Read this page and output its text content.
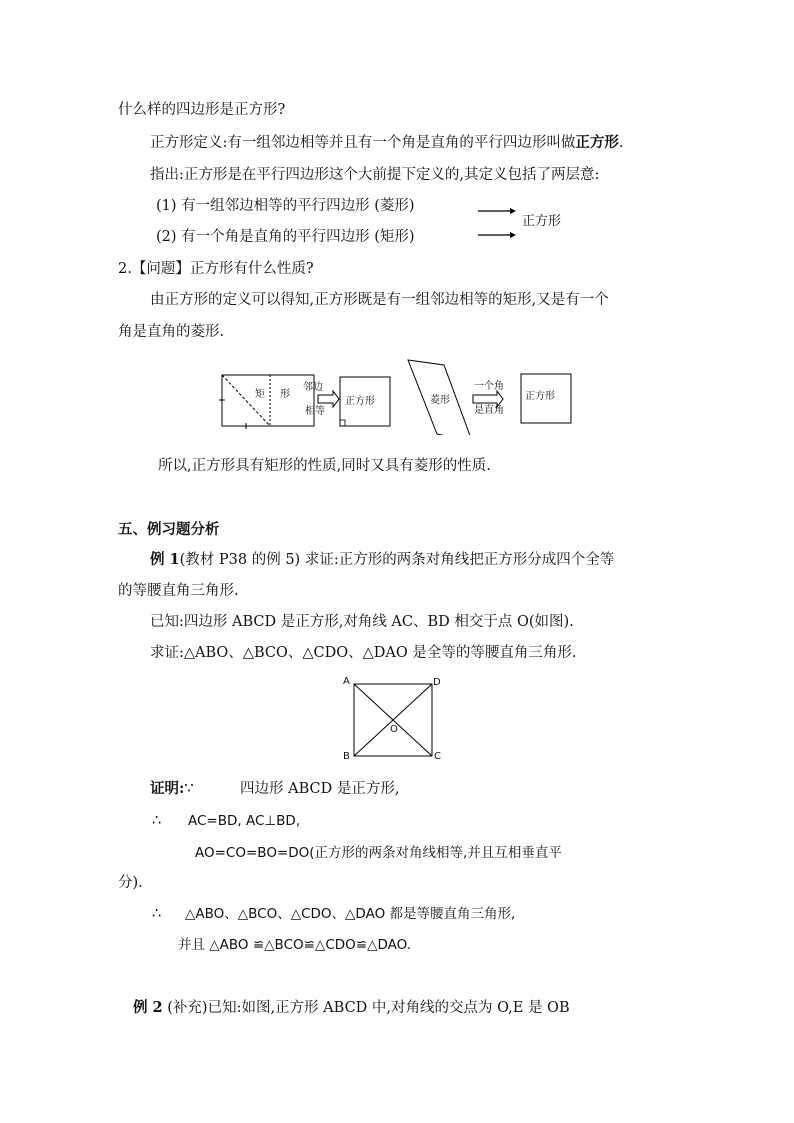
什么样的四边形是正方形?
正方形定义:有一组邻边相等并且有一个角是直角的平行四边形叫做正方形.
指出:正方形是在平行四边形这个大前提下定义的,其定义包括了两层意:
(1) 有一组邻边相等的平行四边形 (菱形)
(2) 有一个角是直角的平行四边形 (矩形)
正方形
2.【问题】正方形有什么性质?
由正方形的定义可以得知,正方形既是有一组邻边相等的矩形,又是有一个
角是直角的菱形.
矩 形
邻边
相等
正方形	菱形
一个角
是直角
正方形
所以,正方形具有矩形的性质,同时又具有菱形的性质.
五、例习题分析
例 1(教材 P38 的例 5) 求证:正方形的两条对角线把正方形分成四个全等
的等腰直角三角形.
已知:四边形 ABCD 是正方形,对角线 AC、BD 相交于点 O(如图).
求证:△ABO、△BCO、△CDO、△DAO 是全等的等腰直角三角形.
A	D
B	C
O
证明:∵	四边形 ABCD 是正方形,
∴ AC=BD, AC⊥BD,
AO=CO=BO=DO(正方形的两条对角线相等,并且互相垂直平
分).
∴ △ABO、△BCO、△CDO、△DAO 都是等腰直角三角形,
并且 △ABO ≌△BCO≌△CDO≌△DAO.
例 2 (补充)已知:如图,正方形 ABCD 中,对角线的交点为 O,E 是 OB
